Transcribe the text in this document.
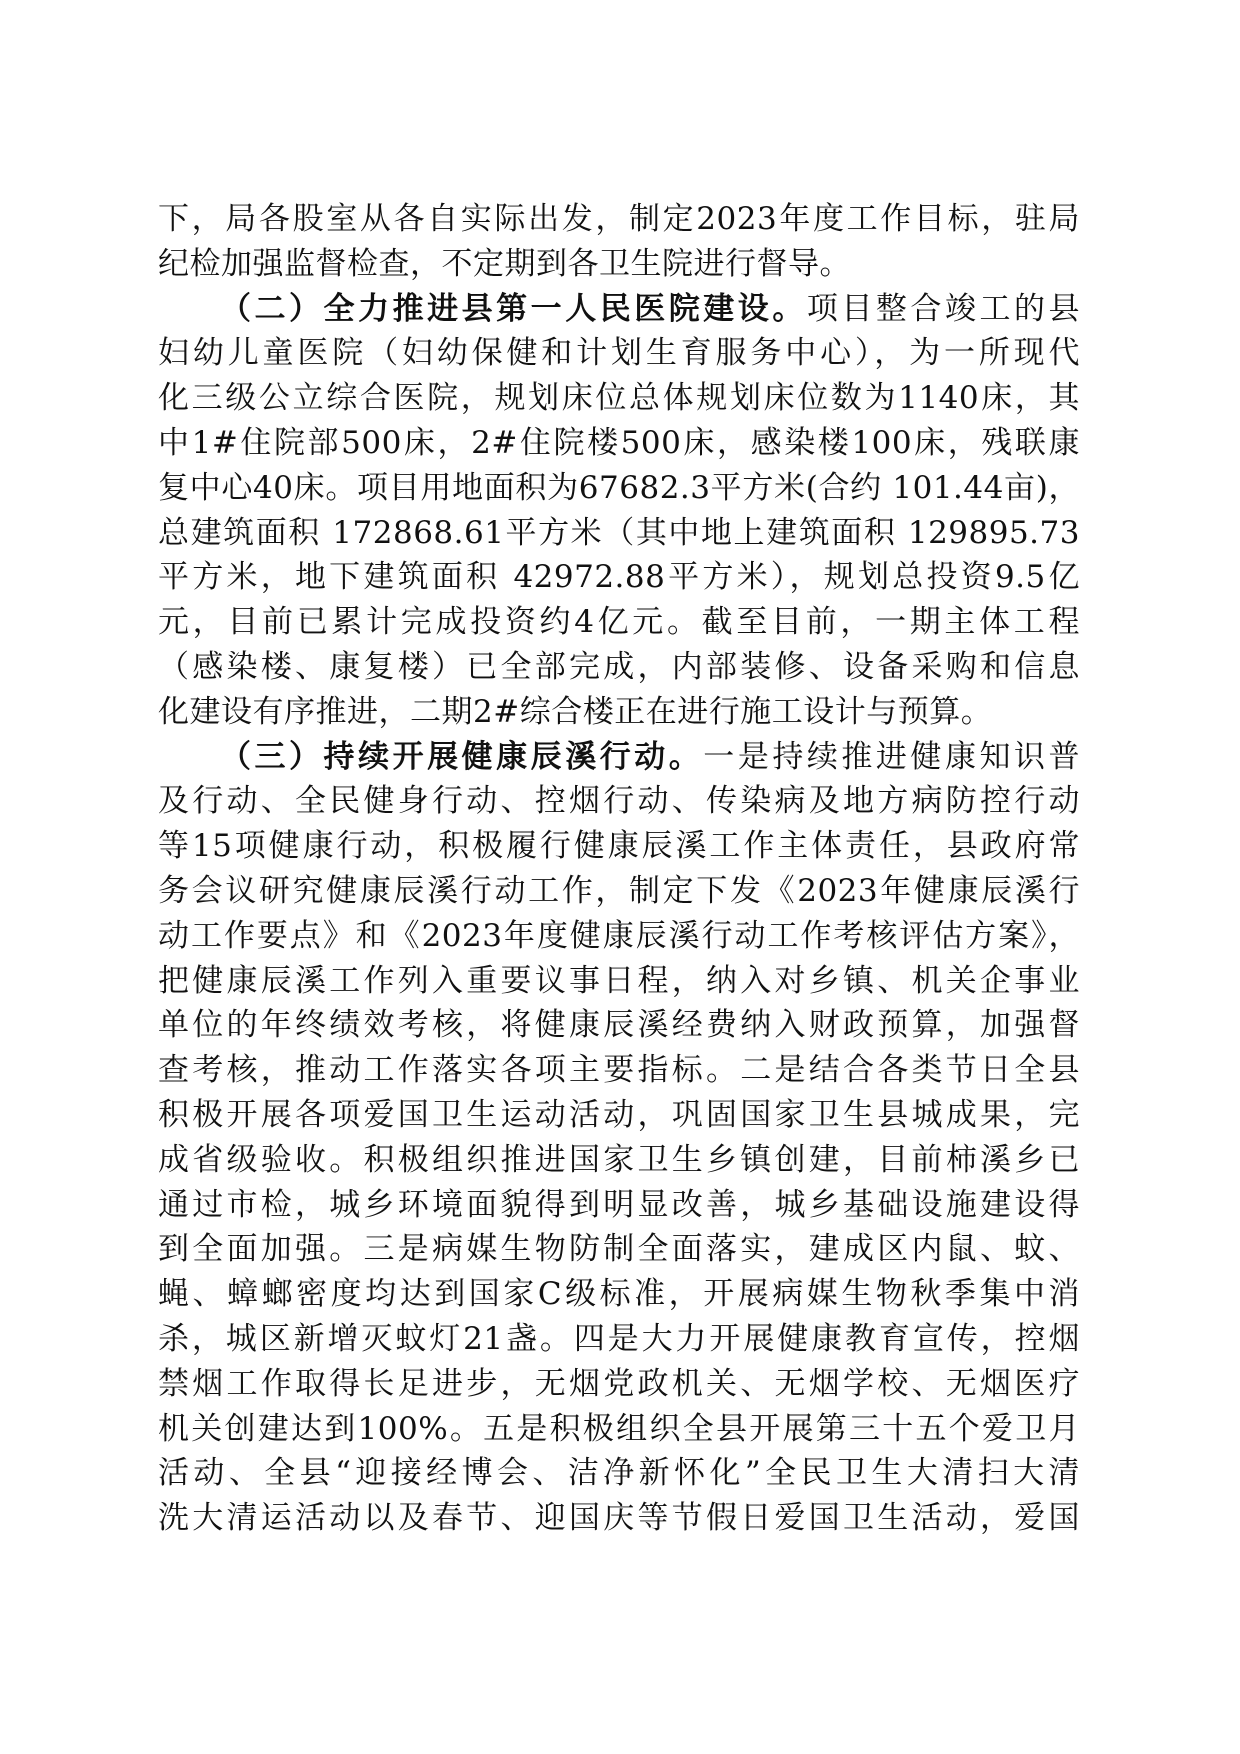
下，局各股室从各自实际出发，制定2023年度工作目标，驻局
纪检加强监督检查，不定期到各卫生院进行督导。
（二）全力推进县第一人民医院建设。项目整合竣工的县
妇幼儿童医院（妇幼保健和计划生育服务中心），为一所现代
化三级公立综合医院，规划床位总体规划床位数为1140床，其
中1#住院部500床，2#住院楼500床，感染楼100床，残联康
复中心40床。项目用地面积为67682.3平方米(合约 101.44亩)，
总建筑面积 172868.61平方米（其中地上建筑面积 129895.73
平方米，地下建筑面积 42972.88平方米），规划总投资9.5亿
元，目前已累计完成投资约4亿元。截至目前，一期主体工程
（感染楼、康复楼）已全部完成，内部装修、设备采购和信息
化建设有序推进，二期2#综合楼正在进行施工设计与预算。
（三）持续开展健康辰溪行动。一是持续推进健康知识普
及行动、全民健身行动、控烟行动、传染病及地方病防控行动
等15项健康行动，积极履行健康辰溪工作主体责任，县政府常
务会议研究健康辰溪行动工作，制定下发《2023年健康辰溪行
动工作要点》和《2023年度健康辰溪行动工作考核评估方案》，
把健康辰溪工作列入重要议事日程，纳入对乡镇、机关企事业
单位的年终绩效考核，将健康辰溪经费纳入财政预算，加强督
查考核，推动工作落实各项主要指标。二是结合各类节日全县
积极开展各项爱国卫生运动活动，巩固国家卫生县城成果，完
成省级验收。积极组织推进国家卫生乡镇创建，目前柿溪乡已
通过市检，城乡环境面貌得到明显改善，城乡基础设施建设得
到全面加强。三是病媒生物防制全面落实，建成区内鼠、蚊、
蝇、蟑螂密度均达到国家C级标准，开展病媒生物秋季集中消
杀，城区新增灭蚊灯21盏。四是大力开展健康教育宣传，控烟
禁烟工作取得长足进步，无烟党政机关、无烟学校、无烟医疗
机关创建达到100%。五是积极组织全县开展第三十五个爱卫月
活动、全县“迎接经博会、洁净新怀化”全民卫生大清扫大清
洗大清运活动以及春节、迎国庆等节假日爱国卫生活动，爱国
